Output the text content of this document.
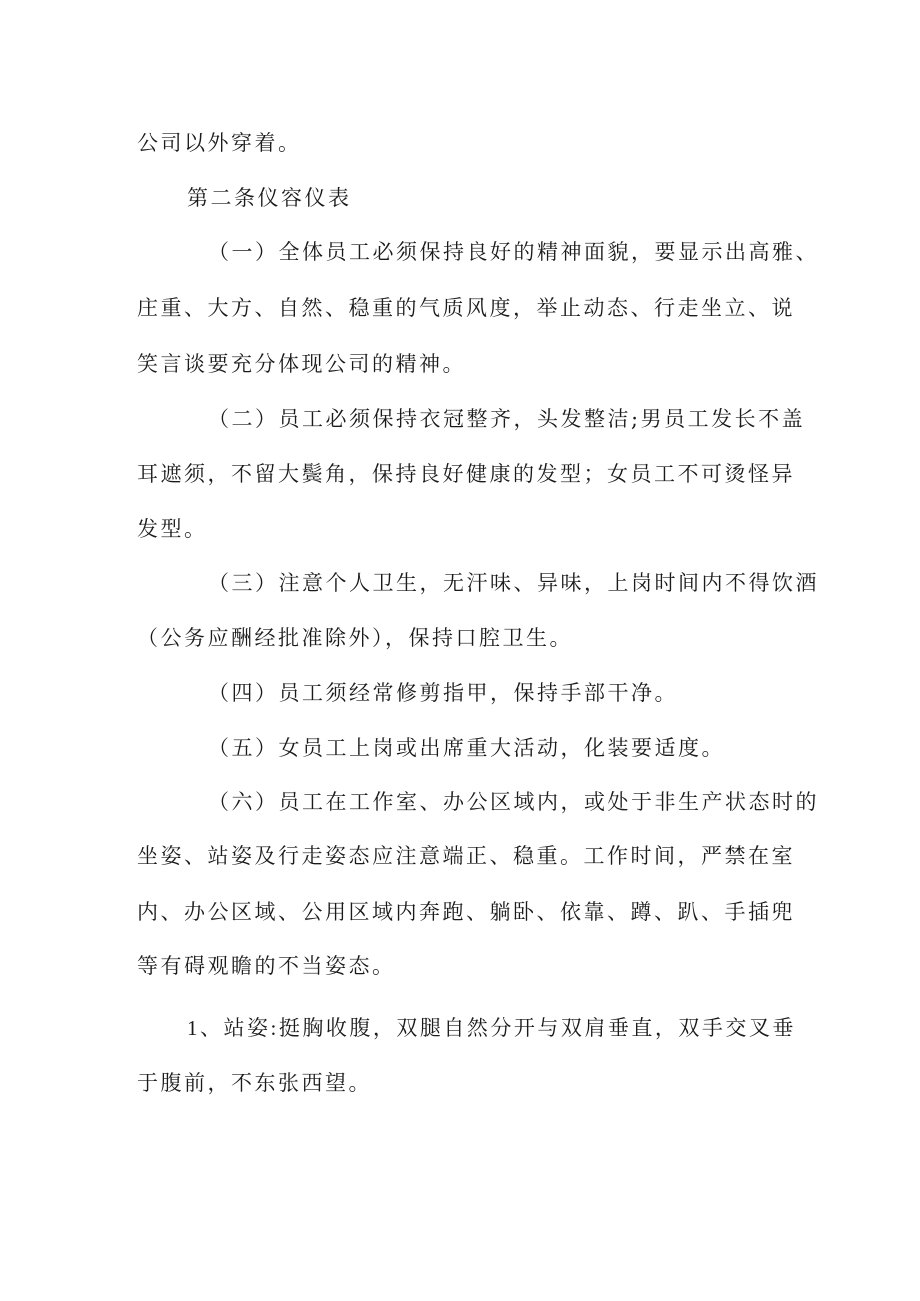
公司以外穿着。
第二条仪容仪表
（一）全体员工必须保持良好的精神面貌，要显示出高雅、
庄重、大方、自然、稳重的气质风度，举止动态、行走坐立、说
笑言谈要充分体现公司的精神。
（二）员工必须保持衣冠整齐，头发整洁;男员工发长不盖
耳遮须，不留大鬓角，保持良好健康的发型；女员工不可烫怪异
发型。
（三）注意个人卫生，无汗味、异味，上岗时间内不得饮酒
（公务应酬经批准除外），保持口腔卫生。
（四）员工须经常修剪指甲，保持手部干净。
（五）女员工上岗或出席重大活动，化装要适度。
（六）员工在工作室、办公区域内，或处于非生产状态时的
坐姿、站姿及行走姿态应注意端正、稳重。工作时间，严禁在室
内、办公区域、公用区域内奔跑、躺卧、依靠、蹲、趴、手插兜
等有碍观瞻的不当姿态。
1、站姿:挺胸收腹，双腿自然分开与双肩垂直，双手交叉垂
于腹前，不东张西望。
